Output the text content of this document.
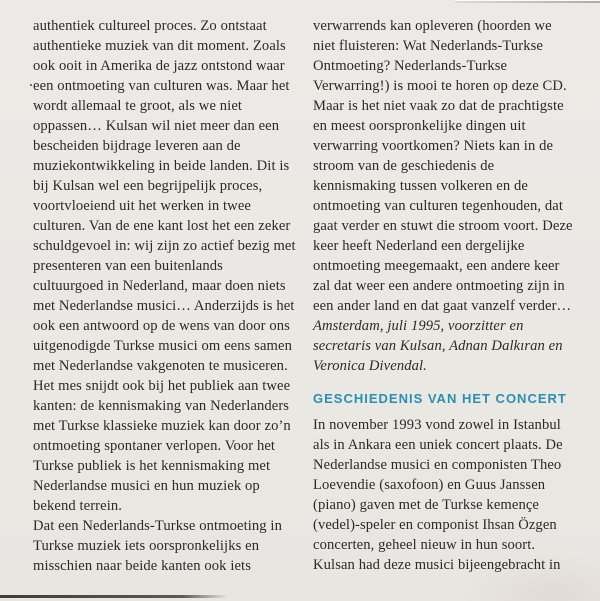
authentiek cultureel proces. Zo ontstaat
authentieke muziek van dit moment. Zoals
ook ooit in Amerika de jazz ontstond waar
een ontmoeting van culturen was. Maar het
wordt allemaal te groot, als we niet
oppassen… Kulsan wil niet meer dan een
bescheiden bijdrage leveren aan de
muziekontwikkeling in beide landen. Dit is
bij Kulsan wel een begrijpelijk proces,
voortvloeiend uit het werken in twee
culturen. Van de ene kant lost het een zeker
schuldgevoel in: wij zijn zo actief bezig met
presenteren van een buitenlands
cultuurgoed in Nederland, maar doen niets
met Nederlandse musici… Anderzijds is het
ook een antwoord op de wens van door ons
uitgenodigde Turkse musici om eens samen
met Nederlandse vakgenoten te musiceren.
Het mes snijdt ook bij het publiek aan twee
kanten: de kennismaking van Nederlanders
met Turkse klassieke muziek kan door zo’n
ontmoeting spontaner verlopen. Voor het
Turkse publiek is het kennismaking met
Nederlandse musici en hun muziek op
bekend terrein.
Dat een Nederlands-Turkse ontmoeting in
Turkse muziek iets oorspronkelijks en
misschien naar beide kanten ook iets
verwarrends kan opleveren (hoorden we
niet fluisteren: Wat Nederlands-Turkse
Ontmoeting? Nederlands-Turkse
Verwarring!) is mooi te horen op deze CD.
Maar is het niet vaak zo dat de prachtigste
en meest oorspronkelijke dingen uit
verwarring voortkomen? Niets kan in de
stroom van de geschiedenis de
kennismaking tussen volkeren en de
ontmoeting van culturen tegenhouden, dat
gaat verder en stuwt die stroom voort. Deze
keer heeft Nederland een dergelijke
ontmoeting meegemaakt, een andere keer
zal dat weer een andere ontmoeting zijn in
een ander land en dat gaat vanzelf verder…
Amsterdam, juli 1995, voorzitter en
secretaris van Kulsan, Adnan Dalkıran en
Veronica Divendal.
GESCHIEDENIS VAN HET CONCERT
In november 1993 vond zowel in Istanbul
als in Ankara een uniek concert plaats. De
Nederlandse musici en componisten Theo
Loevendie (saxofoon) en Guus Janssen
(piano) gaven met de Turkse kemençe
(vedel)-speler en componist Ihsan Özgen
concerten, geheel nieuw in hun soort.
Kulsan had deze musici bijeengebracht in
